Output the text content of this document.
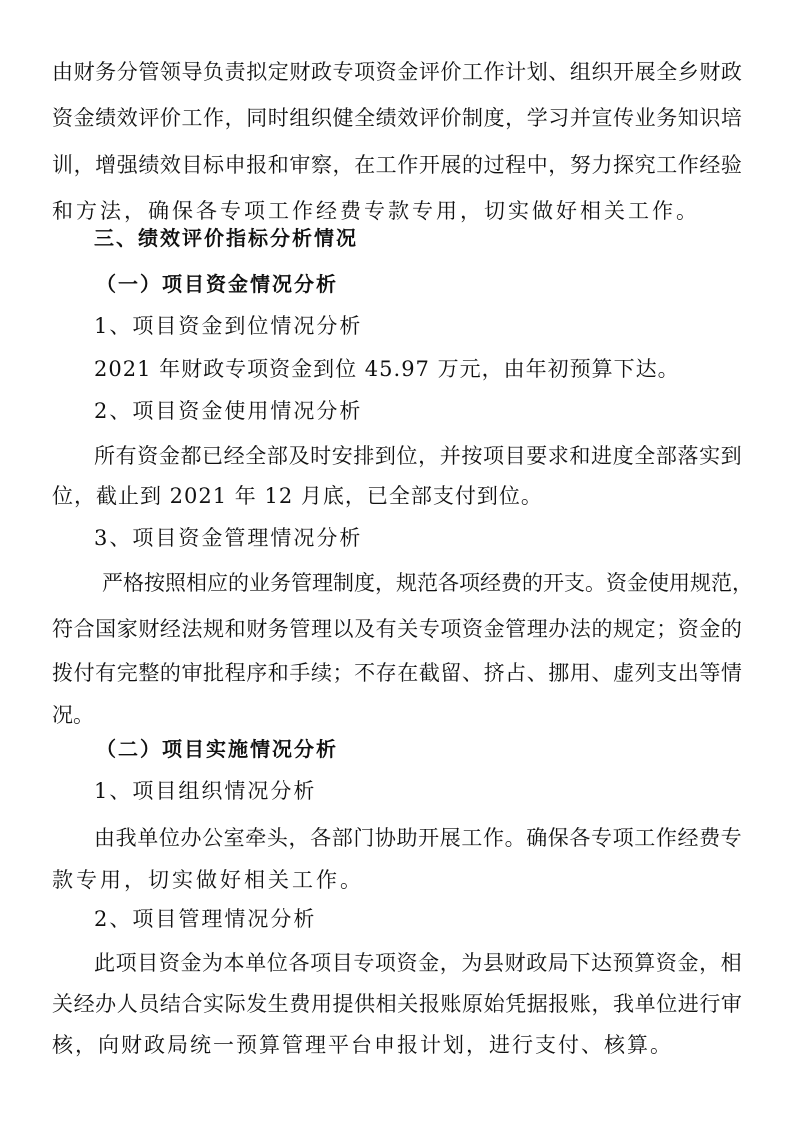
由 财 务 分 管 领 导 负 责 拟 定 财 政 专 项 资 金 评 价 工 作 计 划 、 组 织 开 展 全 乡 财 政
资 金 绩 效 评 价 工 作 ， 同 时 组 织 健 全 绩 效 评 价 制 度 ， 学 习 并 宣 传 业 务 知 识 培
训 ， 增 强 绩 效 目 标 申 报 和 审 察 ， 在 工 作 开 展 的 过 程 中 ， 努 力 探 究 工 作 经 验
和方法，确保各专项工作经费专款专用，切实做好相关工作。
三、绩效评价指标分析情况
（一）项目资金情况分析
1、项目资金到位情况分析
2021 年财政专项资金到位 45.97 万元，由年初预算下达。
2、项目资金使用情况分析
所 有 资 金 都 已 经 全 部 及 时 安 排 到 位 ， 并 按 项 目 要 求 和 进 度 全 部 落 实 到
位，截止到 2021 年 12 月底，已全部支付到位。
3、项目资金管理情况分析
严 格 按 照 相 应 的 业 务 管 理 制 度 ， 规 范 各 项 经 费 的 开 支 。 资 金 使 用 规 范 ，
符 合 国 家 财 经 法 规 和 财 务 管 理 以 及 有 关 专 项 资 金 管 理 办 法 的 规 定 ； 资 金 的
拨 付 有 完 整 的 审 批 程 序 和 手 续 ； 不 存 在 截 留 、 挤 占 、 挪 用 、 虚 列 支 出 等 情
况。
（二）项目实施情况分析
1、项目组织情况分析
由 我 单 位 办 公 室 牵 头 ， 各 部 门 协 助 开 展 工 作 。 确 保 各 专 项 工 作 经 费 专
款专用，切实做好相关工作。
2、项目管理情况分析
此 项 目 资 金 为 本 单 位 各 项 目 专 项 资 金 ， 为 县 财 政 局 下 达 预 算 资 金 ， 相
关 经 办 人 员 结 合 实 际 发 生 费 用 提 供 相 关 报 账 原 始 凭 据 报 账 ， 我 单 位 进 行 审
核，向财政局统一预算管理平台申报计划，进行支付、核算。
